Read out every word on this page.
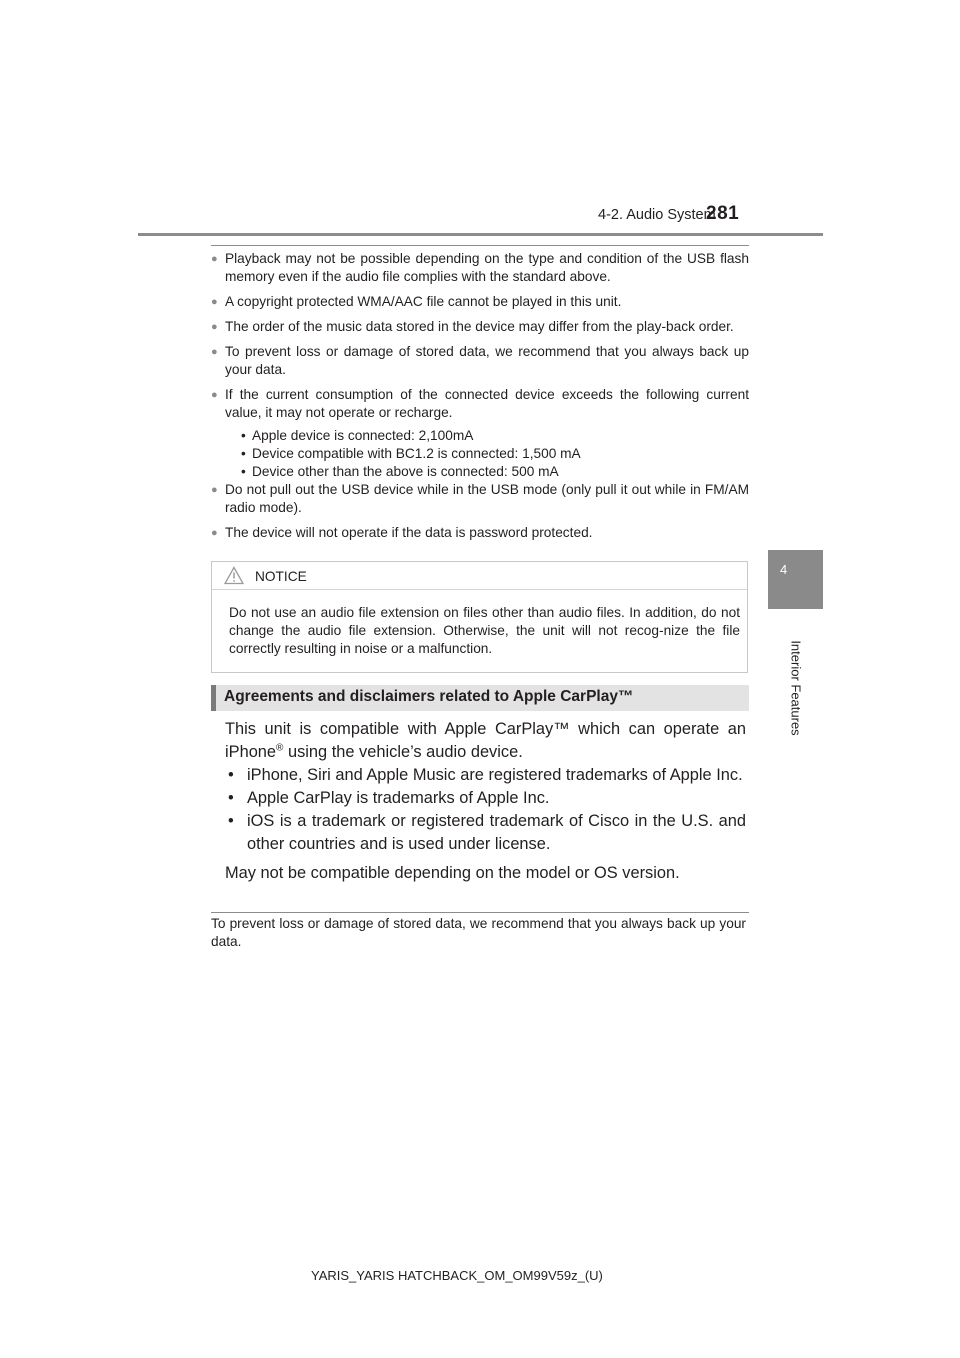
4-2. Audio System
281
4
Interior Features
● Playback may not be possible depending on the type and condition of the USB flash memory even if the audio file complies with the standard above.
● A copyright protected WMA/AAC file cannot be played in this unit.
● The order of the music data stored in the device may differ from the play-back order.
● To prevent loss or damage of stored data, we recommend that you always back up your data.
● If the current consumption of the connected device exceeds the following current value, it may not operate or recharge.
• Apple device is connected: 2,100mA
• Device compatible with BC1.2 is connected: 1,500 mA
• Device other than the above is connected: 500 mA
● Do not pull out the USB device while in the USB mode (only pull it out while in FM/AM radio mode).
● The device will not operate if the data is password protected.
NOTICE
Do not use an audio file extension on files other than audio files. In addition, do not change the audio file extension. Otherwise, the unit will not recog-nize the file correctly resulting in noise or a malfunction.
Agreements and disclaimers related to Apple CarPlay™
This unit is compatible with Apple CarPlay™ which can operate an iPhone® using the vehicle’s audio device.
• iPhone, Siri and Apple Music are registered trademarks of Apple Inc.
• Apple CarPlay is trademarks of Apple Inc.
• iOS is a trademark or registered trademark of Cisco in the U.S. and other countries and is used under license.
May not be compatible depending on the model or OS version.
To prevent loss or damage of stored data, we recommend that you always back up your data.
YARIS_YARIS HATCHBACK_OM_OM99V59z_(U)
